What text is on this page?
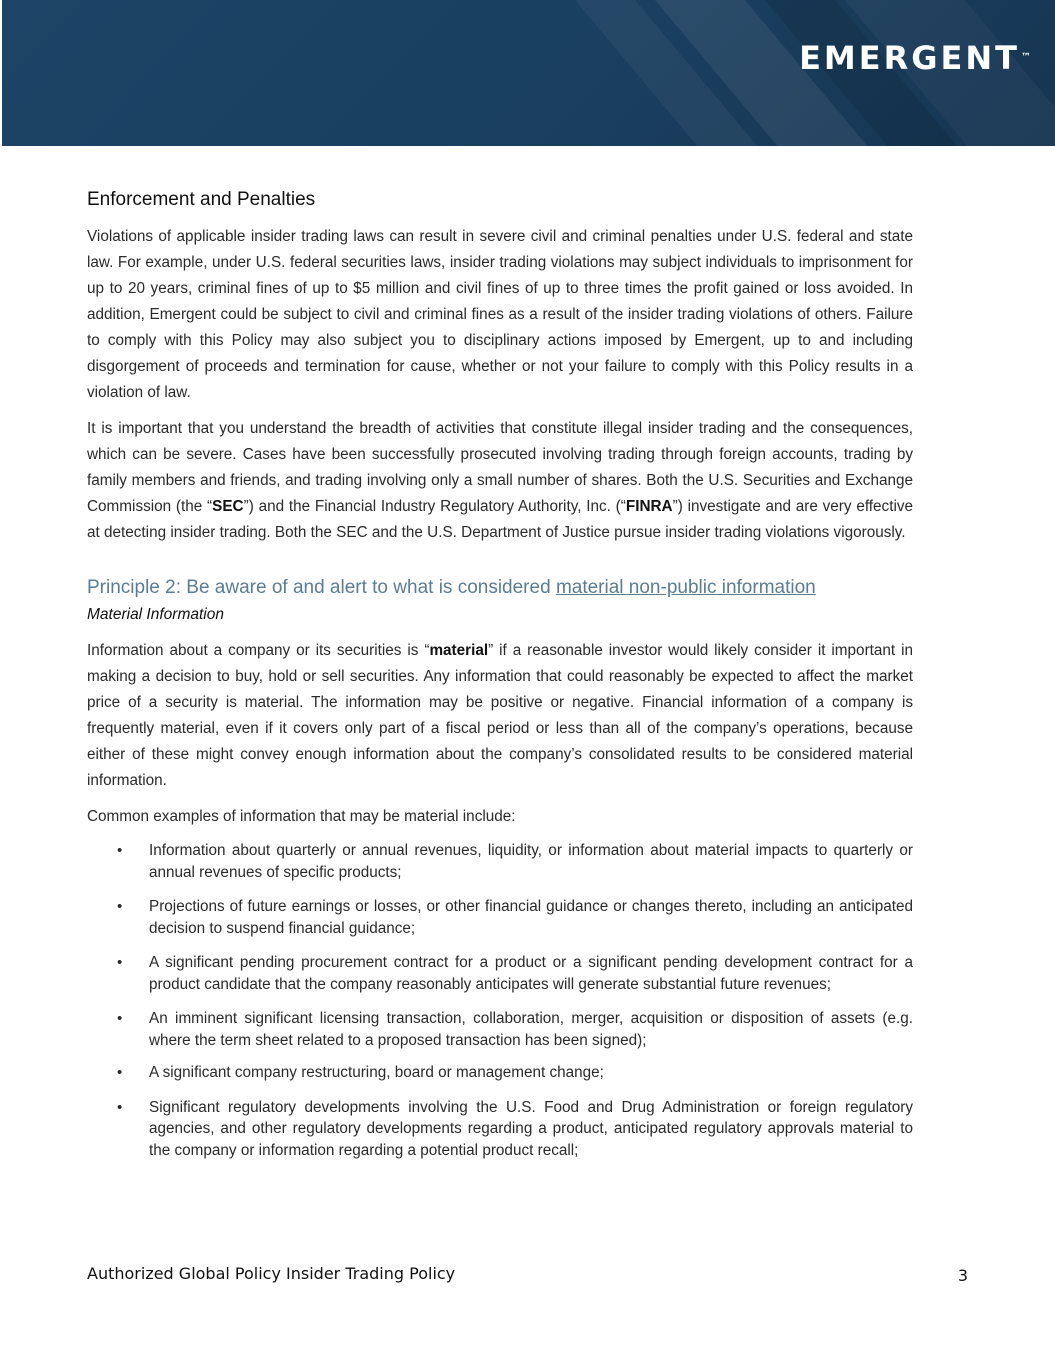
EMERGENT™
Enforcement and Penalties

Violations of applicable insider trading laws can result in severe civil and criminal penalties under U.S. federal and state law. For example, under U.S. federal securities laws, insider trading violations may subject individuals to imprisonment for up to 20 years, criminal fines of up to $5 million and civil fines of up to three times the profit gained or loss avoided. In addition, Emergent could be subject to civil and criminal fines as a result of the insider trading violations of others. Failure to comply with this Policy may also subject you to disciplinary actions imposed by Emergent, up to and including disgorgement of proceeds and termination for cause, whether or not your failure to comply with this Policy results in a violation of law.

It is important that you understand the breadth of activities that constitute illegal insider trading and the consequences, which can be severe. Cases have been successfully prosecuted involving trading through foreign accounts, trading by family members and friends, and trading involving only a small number of shares. Both the U.S. Securities and Exchange Commission (the “SEC”) and the Financial Industry Regulatory Authority, Inc. (“FINRA”) investigate and are very effective at detecting insider trading. Both the SEC and the U.S. Department of Justice pursue insider trading violations vigorously.

Principle 2: Be aware of and alert to what is considered material non-public information

Material Information

Information about a company or its securities is “material” if a reasonable investor would likely consider it important in making a decision to buy, hold or sell securities. Any information that could reasonably be expected to affect the market price of a security is material. The information may be positive or negative. Financial information of a company is frequently material, even if it covers only part of a fiscal period or less than all of the company’s operations, because either of these might convey enough information about the company’s consolidated results to be considered material information.

Common examples of information that may be material include:

• Information about quarterly or annual revenues, liquidity, or information about material impacts to quarterly or annual revenues of specific products;
• Projections of future earnings or losses, or other financial guidance or changes thereto, including an anticipated decision to suspend financial guidance;
• A significant pending procurement contract for a product or a significant pending development contract for a product candidate that the company reasonably anticipates will generate substantial future revenues;
• An imminent significant licensing transaction, collaboration, merger, acquisition or disposition of assets (e.g. where the term sheet related to a proposed transaction has been signed);
• A significant company restructuring, board or management change;
• Significant regulatory developments involving the U.S. Food and Drug Administration or foreign regulatory agencies, and other regulatory developments regarding a product, anticipated regulatory approvals material to the company or information regarding a potential product recall;
Authorized Global Policy Insider Trading Policy	3
